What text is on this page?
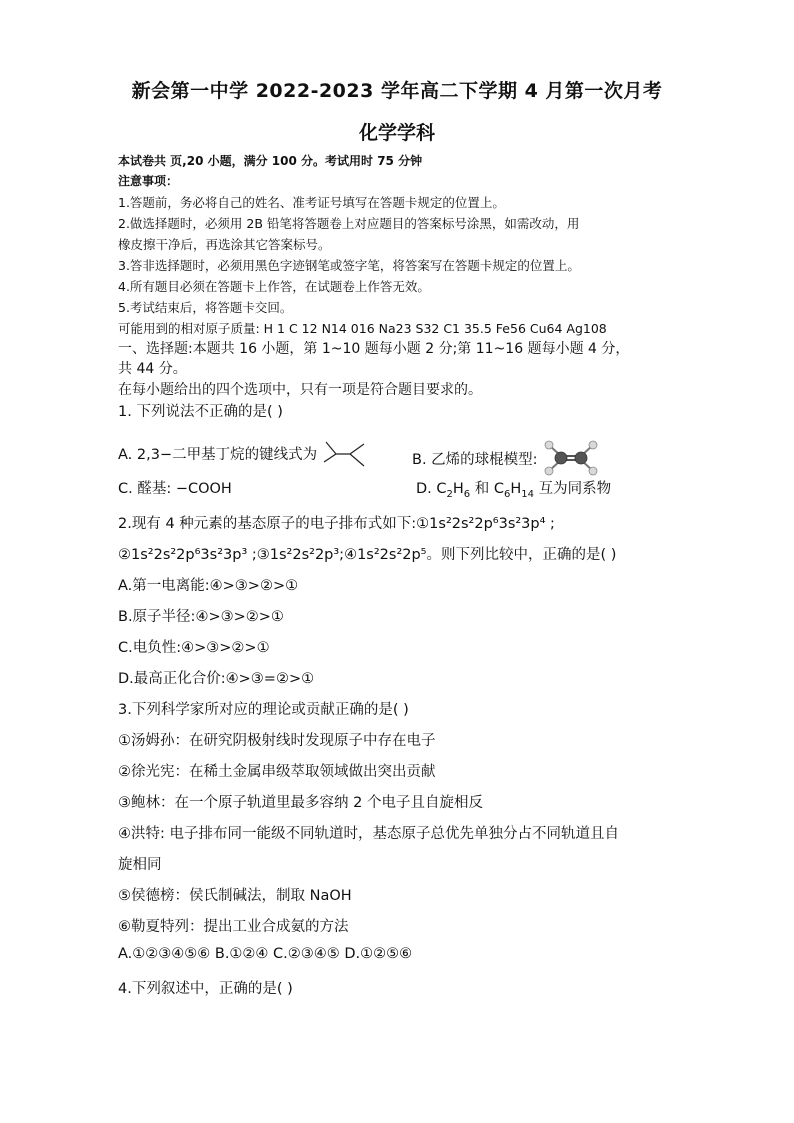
新会第一中学 2022-2023 学年高二下学期 4 月第一次月考
化学学科
本试卷共 页,20 小题，满分 100 分。考试用时 75 分钟
注意事项：
1.答题前，务必将自己的姓名、准考证号填写在答题卡规定的位置上。
2.做选择题时，必须用 2B 铅笔将答题卷上对应题目的答案标号涂黑，如需改动，用
橡皮擦干净后，再选涂其它答案标号。
3.答非选择题时，必须用黑色字迹钢笔或签字笔，将答案写在答题卡规定的位置上。
4.所有题目必须在答题卡上作答，在试题卷上作答无效。
5.考试结束后，将答题卡交回。
可能用到的相对原子质量: H 1 C 12 N14 016 Na23 S32 C1 35.5 Fe56 Cu64 Ag108
一、选择题:本题共 16 小题，第 1~10 题每小题 2 分;第 11~16 题每小题 4 分，
共 44 分。
在每小题给出的四个选项中，只有一项是符合题目要求的。
1. 下列说法不正确的是( )
A. 2,3−二甲基丁烷的键线式为	B. 乙烯的球棍模型:
C. 醛基: −COOH	D. $C_2H_6$ 和 $C_6H_{14}$ 互为同系物
2.现有 4 种元素的基态原子的电子排布式如下:①1s²2s²2p⁶3s²3p⁴ ;
②1s²2s²2p⁶3s²3p³ ;③1s²2s²2p³;④1s²2s²2p⁵。则下列比较中，正确的是( )
A.第一电离能:④>③>②>①
B.原子半径:④>③>②>①
C.电负性:④>③>②>①
D.最高正化合价:④>③=②>①
3.下列科学家所对应的理论或贡献正确的是( )
①汤姆孙：在研究阴极射线时发现原子中存在电子
②徐光宪：在稀土金属串级萃取领域做出突出贡献
③鲍林：在一个原子轨道里最多容纳 2 个电子且自旋相反
④洪特: 电子排布同一能级不同轨道时，基态原子总优先单独分占不同轨道且自
旋相同
⑤侯德榜：侯氏制碱法，制取 NaOH
⑥勒夏特列：提出工业合成氨的方法
A.①②③④⑤⑥ B.①②④ C.②③④⑤ D.①②⑤⑥
4.下列叙述中，正确的是( )
